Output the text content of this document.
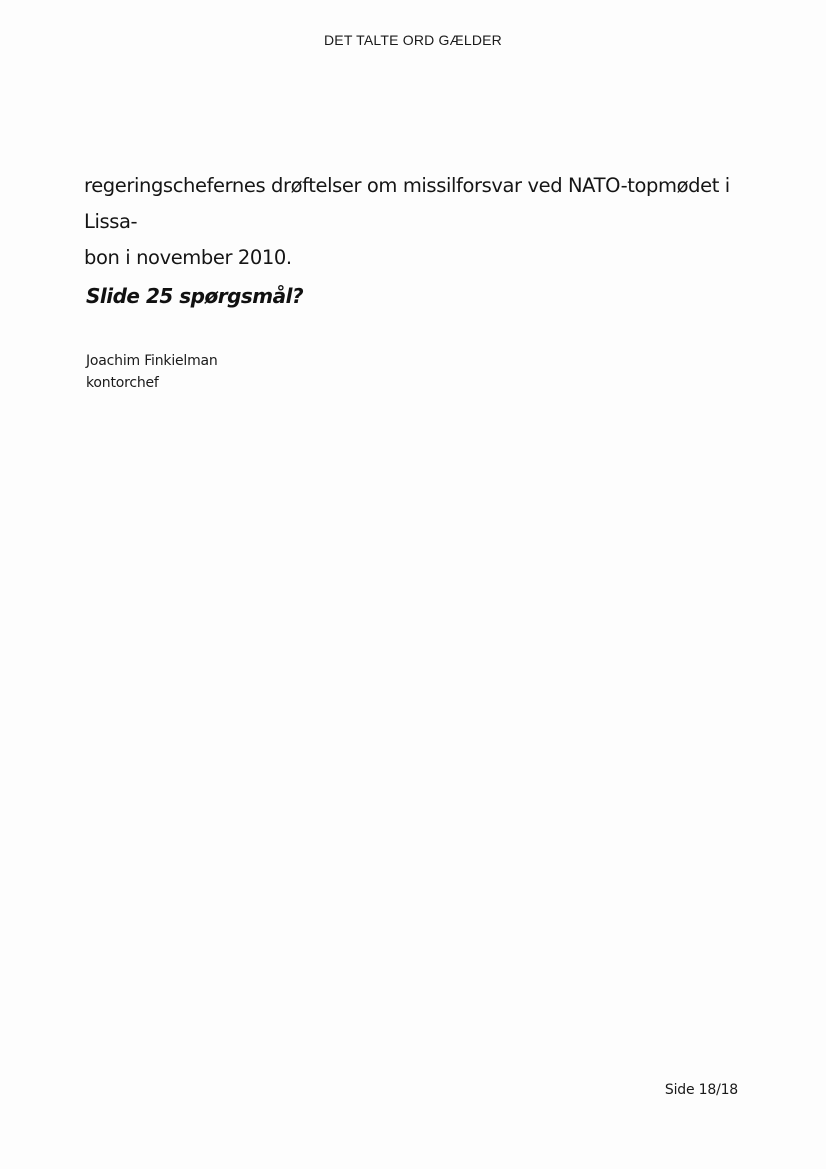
DET TALTE ORD GÆLDER

regeringschefernes drøftelser om missilforsvar ved NATO-topmødet i Lissa-

bon i november 2010.

Slide 25 spørgsmål?
Joachim Finkielman
kontorchef
Side 18/18
